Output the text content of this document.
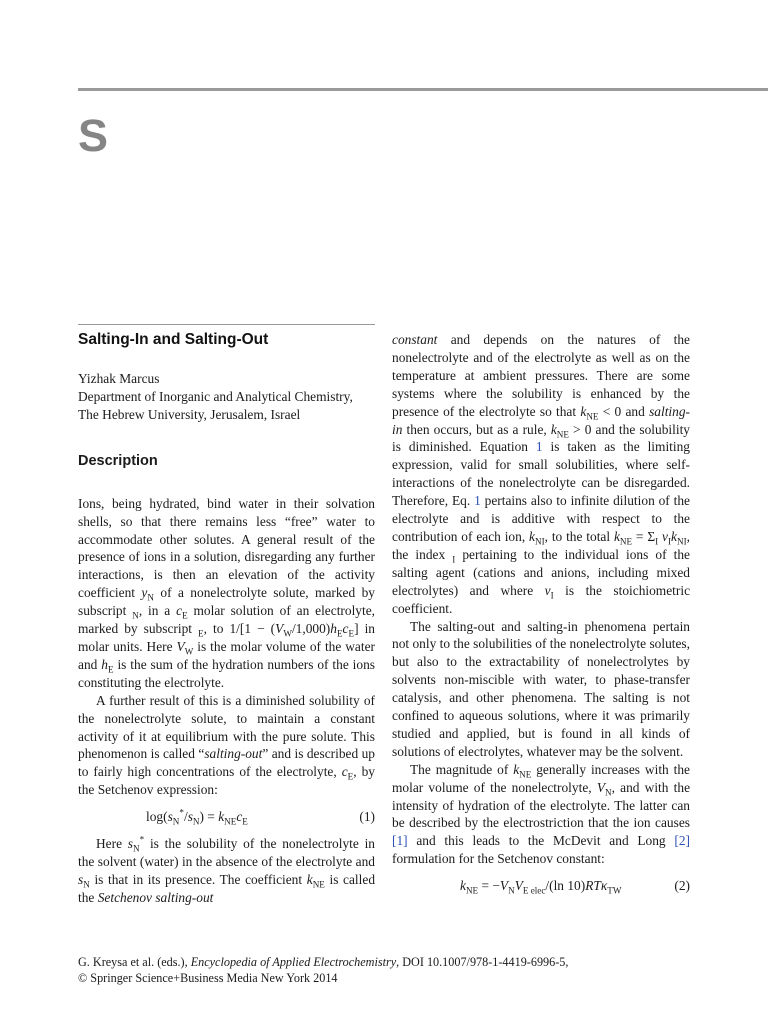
S
Salting-In and Salting-Out
Yizhak Marcus
Department of Inorganic and Analytical Chemistry,
The Hebrew University, Jerusalem, Israel
Description

Ions, being hydrated, bind water in their solvation shells, so that there remains less “free” water to accommodate other solutes. A general result of the presence of ions in a solution, disregarding any further interactions, is then an elevation of the activity coefficient $y_N$ of a nonelectrolyte solute, marked by subscript $_N$, in a $c_E$ molar solution of an electrolyte, marked by subscript $_E$, to $1/[1 - (V_W/1,000)h_Ec_E]$ in molar units. Here $V_W$ is the molar volume of the water and $h_E$ is the sum of the hydration numbers of the ions constituting the electrolyte.

A further result of this is a diminished solubility of the nonelectrolyte solute, to maintain a constant activity of it at equilibrium with the pure solute. This phenomenon is called “salting-out” and is described up to fairly high concentrations of the electrolyte, $c_E$, by the Setchenov expression:

$\log(s_N^*/s_N) = k_{NE}c_E$	(1)

Here $s_N^*$ is the solubility of the nonelectrolyte in the solvent (water) in the absence of the electrolyte and $s_N$ is that in its presence. The coefficient $k_{NE}$ is called the Setchenov salting-out

constant and depends on the natures of the nonelectrolyte and of the electrolyte as well as on the temperature at ambient pressures. There are some systems where the solubility is enhanced by the presence of the electrolyte so that $k_{NE} < 0$ and salting-in then occurs, but as a rule, $k_{NE} > 0$ and the solubility is diminished. Equation 1 is taken as the limiting expression, valid for small solubilities, where self-interactions of the nonelectrolyte can be disregarded. Therefore, Eq. 1 pertains also to infinite dilution of the electrolyte and is additive with respect to the contribution of each ion, $k_{NI}$, to the total $k_{NE} = \Sigma_I$ $\nu_Ik_{NI}$, the index $_I$ pertaining to the individual ions of the salting agent (cations and anions, including mixed electrolytes) and where $\nu_I$ is the stoichiometric coefficient.

The salting-out and salting-in phenomena pertain not only to the solubilities of the nonelectrolyte solutes, but also to the extractability of nonelectrolytes by solvents non-miscible with water, to phase-transfer catalysis, and other phenomena. The salting is not confined to aqueous solutions, where it was primarily studied and applied, but is found in all kinds of solutions of electrolytes, whatever may be the solvent.

The magnitude of $k_{NE}$ generally increases with the molar volume of the nonelectrolyte, $V_N$, and with the intensity of hydration of the electrolyte. The latter can be described by the electrostriction that the ion causes [1] and this leads to the McDevit and Long [2] formulation for the Setchenov constant:

$k_{NE} = -V_NV_{E elec}/(\ln$ 10)RTκ$_{TW}$	(2)
G. Kreysa et al. (eds.), Encyclopedia of Applied Electrochemistry, DOI 10.1007/978-1-4419-6996-5,
© Springer Science+Business Media New York 2014
